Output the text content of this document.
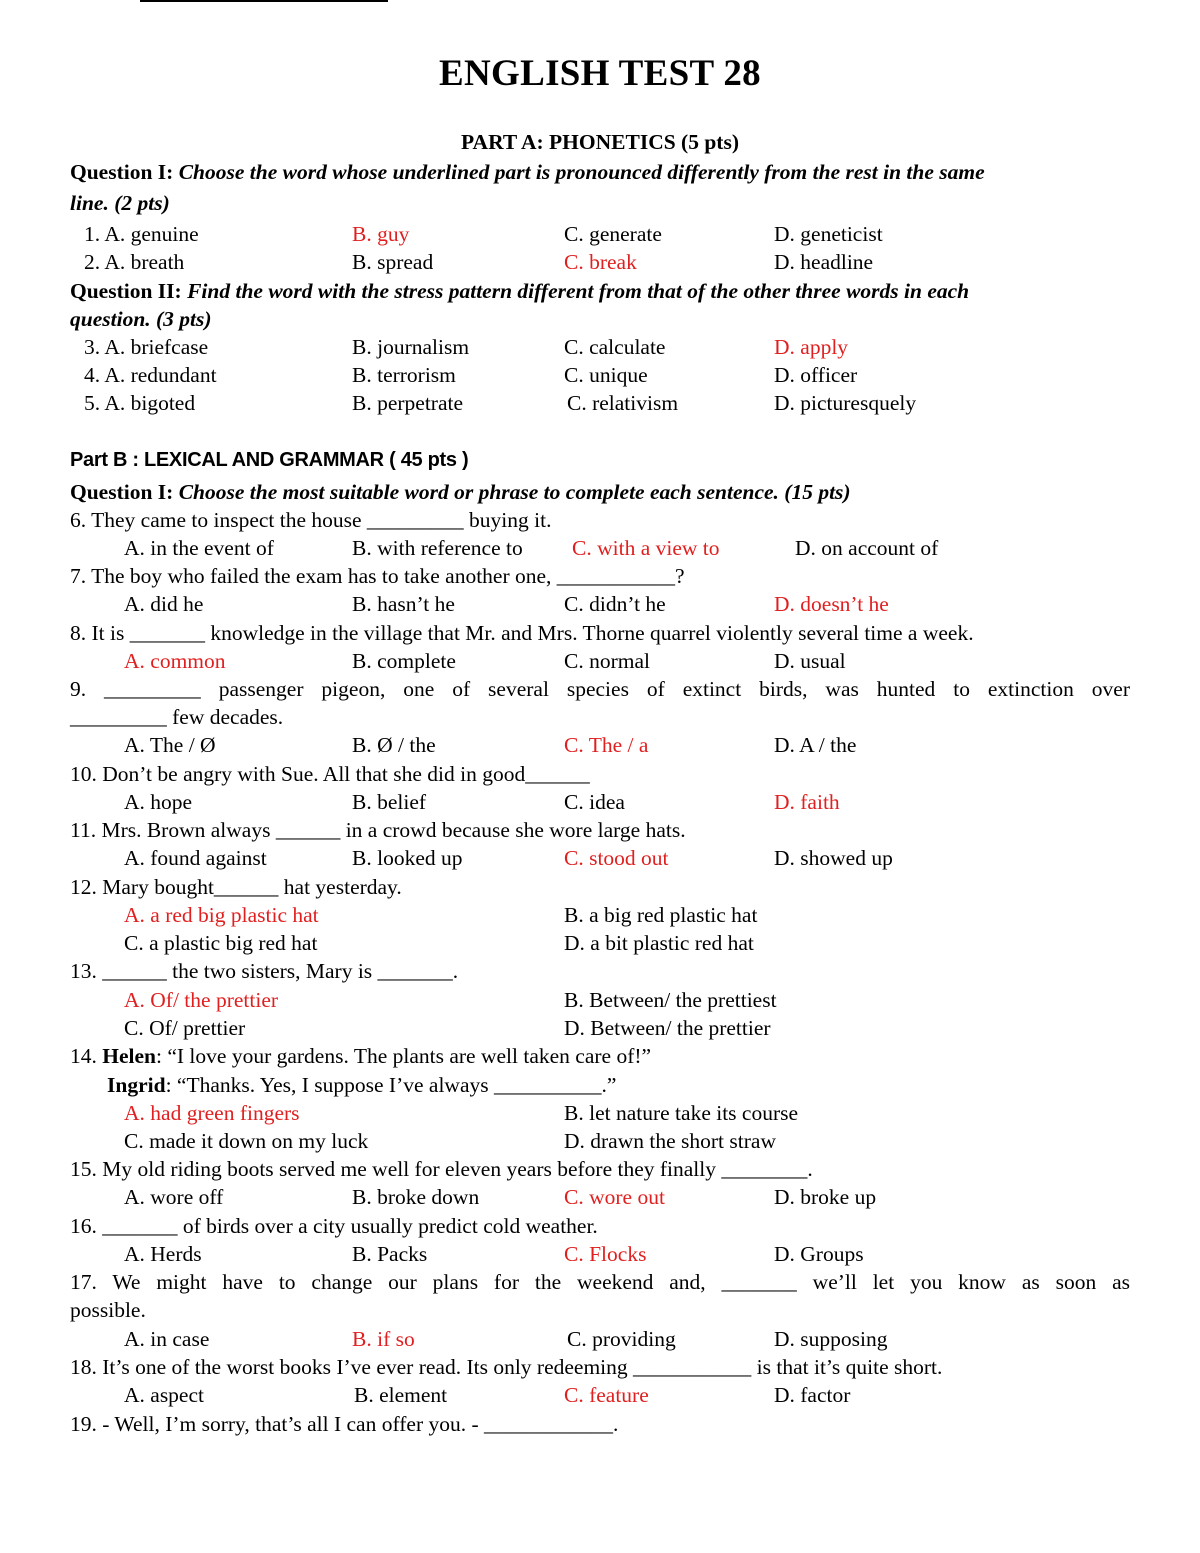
ENGLISH TEST 28
PART A: PHONETICS (5 pts)
Question I: Choose the word whose underlined part is pronounced differently from the rest in the same
line. (2 pts)
1. A. genuine	B. guy	C. generate	D. geneticist
2. A. breath	B. spread	C. break	D. headline
Question II: Find the word with the stress pattern different from that of the other three words in each
question. (3 pts)
3. A. briefcase	B. journalism	C. calculate	D. apply
4. A. redundant	B. terrorism	C. unique	D. officer
5. A. bigoted	B. perpetrate	C. relativism	D. picturesquely
Part B : LEXICAL AND GRAMMAR ( 45 pts )
Question I: Choose the most suitable word or phrase to complete each sentence. (15 pts)
6. They came to inspect the house _________ buying it.
A. in the event of	B. with reference to C. with a view to	D. on account of
7. The boy who failed the exam has to take another one, ___________?
A. did he	B. hasn’t he	C. didn’t he	D. doesn’t he
8. It is _______ knowledge in the village that Mr. and Mrs. Thorne quarrel violently several time a week.
A. common	B. complete	C. normal	D. usual
9. _________ passenger pigeon, one of several species of extinct birds, was hunted to extinction over
_________ few decades.
A. The / Ø	B. Ø / the	C. The / a	D. A / the
10. Don’t be angry with Sue. All that she did in good______
A. hope	B. belief	C. idea	D. faith
11. Mrs. Brown always ______ in a crowd because she wore large hats.
A. found against	B. looked up	C. stood out	D. showed up
12. Mary bought______ hat yesterday.
A. a red big plastic hat	B. a big red plastic hat
C. a plastic big red hat	D. a bit plastic red hat
13. ______ the two sisters, Mary is _______.
A. Of/ the prettier	B. Between/ the prettiest
C. Of/ prettier	D. Between/ the prettier
14. Helen: “I love your gardens. The plants are well taken care of!”
Ingrid: “Thanks. Yes, I suppose I’ve always __________.”
A. had green fingers	B. let nature take its course
C. made it down on my luck	D. drawn the short straw
15. My old riding boots served me well for eleven years before they finally ________.
A. wore off	B. broke down	C. wore out	D. broke up
16. _______ of birds over a city usually predict cold weather.
A. Herds	B. Packs	C. Flocks	D. Groups
17. We might have to change our plans for the weekend and, _______ we’ll let you know as soon as
possible.
A. in case	B. if so	C. providing	D. supposing
18. It’s one of the worst books I’ve ever read. Its only redeeming ___________ is that it’s quite short.
A. aspect	B. element	C. feature	D. factor
19. - Well, I’m sorry, that’s all I can offer you. - ____________.
